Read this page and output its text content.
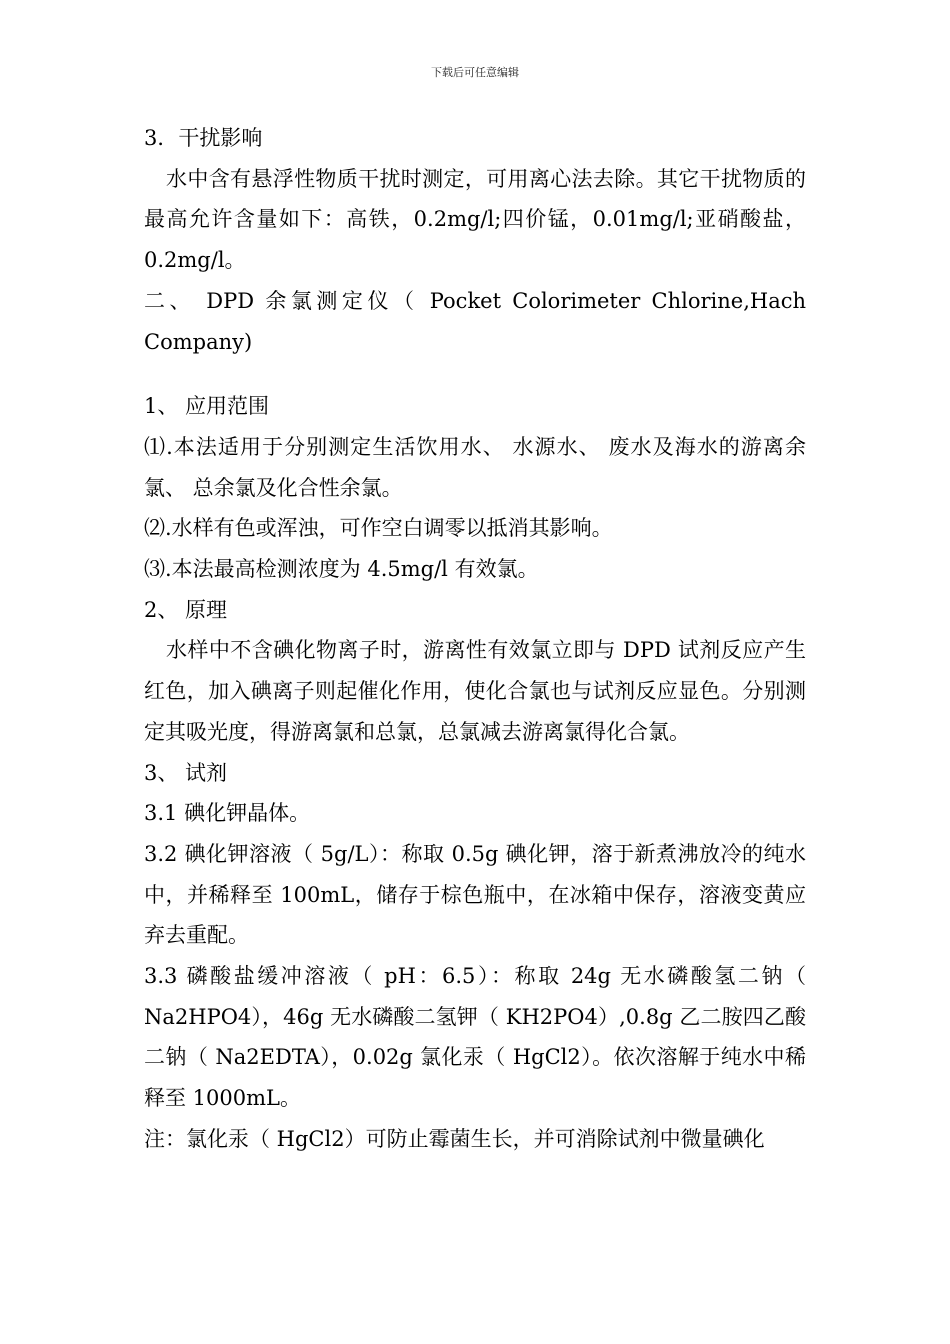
下载后可任意编辑

3．干扰影响

水中含有悬浮性物质干扰时测定，可用离心法去除。其它干扰物质的最高允许含量如下：高铁，0.2mg/l;四价锰，0.01mg/l;亚硝酸盐，0.2mg/l。

二、 DPD 余氯测定仪（ Pocket Colorimeter Chlorine,Hach Company)

1、 应用范围

⑴.本法适用于分别测定生活饮用水、 水源水、 废水及海水的游离余氯、 总余氯及化合性余氯。

⑵.水样有色或浑浊，可作空白调零以抵消其影响。

⑶.本法最高检测浓度为 4.5mg/l 有效氯。

2、 原理

水样中不含碘化物离子时，游离性有效氯立即与 DPD 试剂反应产生红色，加入碘离子则起催化作用，使化合氯也与试剂反应显色。分别测定其吸光度，得游离氯和总氯，总氯减去游离氯得化合氯。

3、 试剂

3.1 碘化钾晶体。

3.2 碘化钾溶液（ 5g/L）：称取 0.5g 碘化钾，溶于新煮沸放冷的纯水中，并稀释至 100mL，储存于棕色瓶中，在冰箱中保存，溶液变黄应弃去重配。

3.3 磷酸盐缓冲溶液（ pH：6.5）：称取 24g 无水磷酸氢二钠（ Na2HPO4），46g 无水磷酸二氢钾（ KH2PO4）,0.8g 乙二胺四乙酸二钠（ Na2EDTA），0.02g 氯化汞（ HgCl2）。依次溶解于纯水中稀释至 1000mL。

注：氯化汞（ HgCl2）可防止霉菌生长，并可消除试剂中微量碘化
